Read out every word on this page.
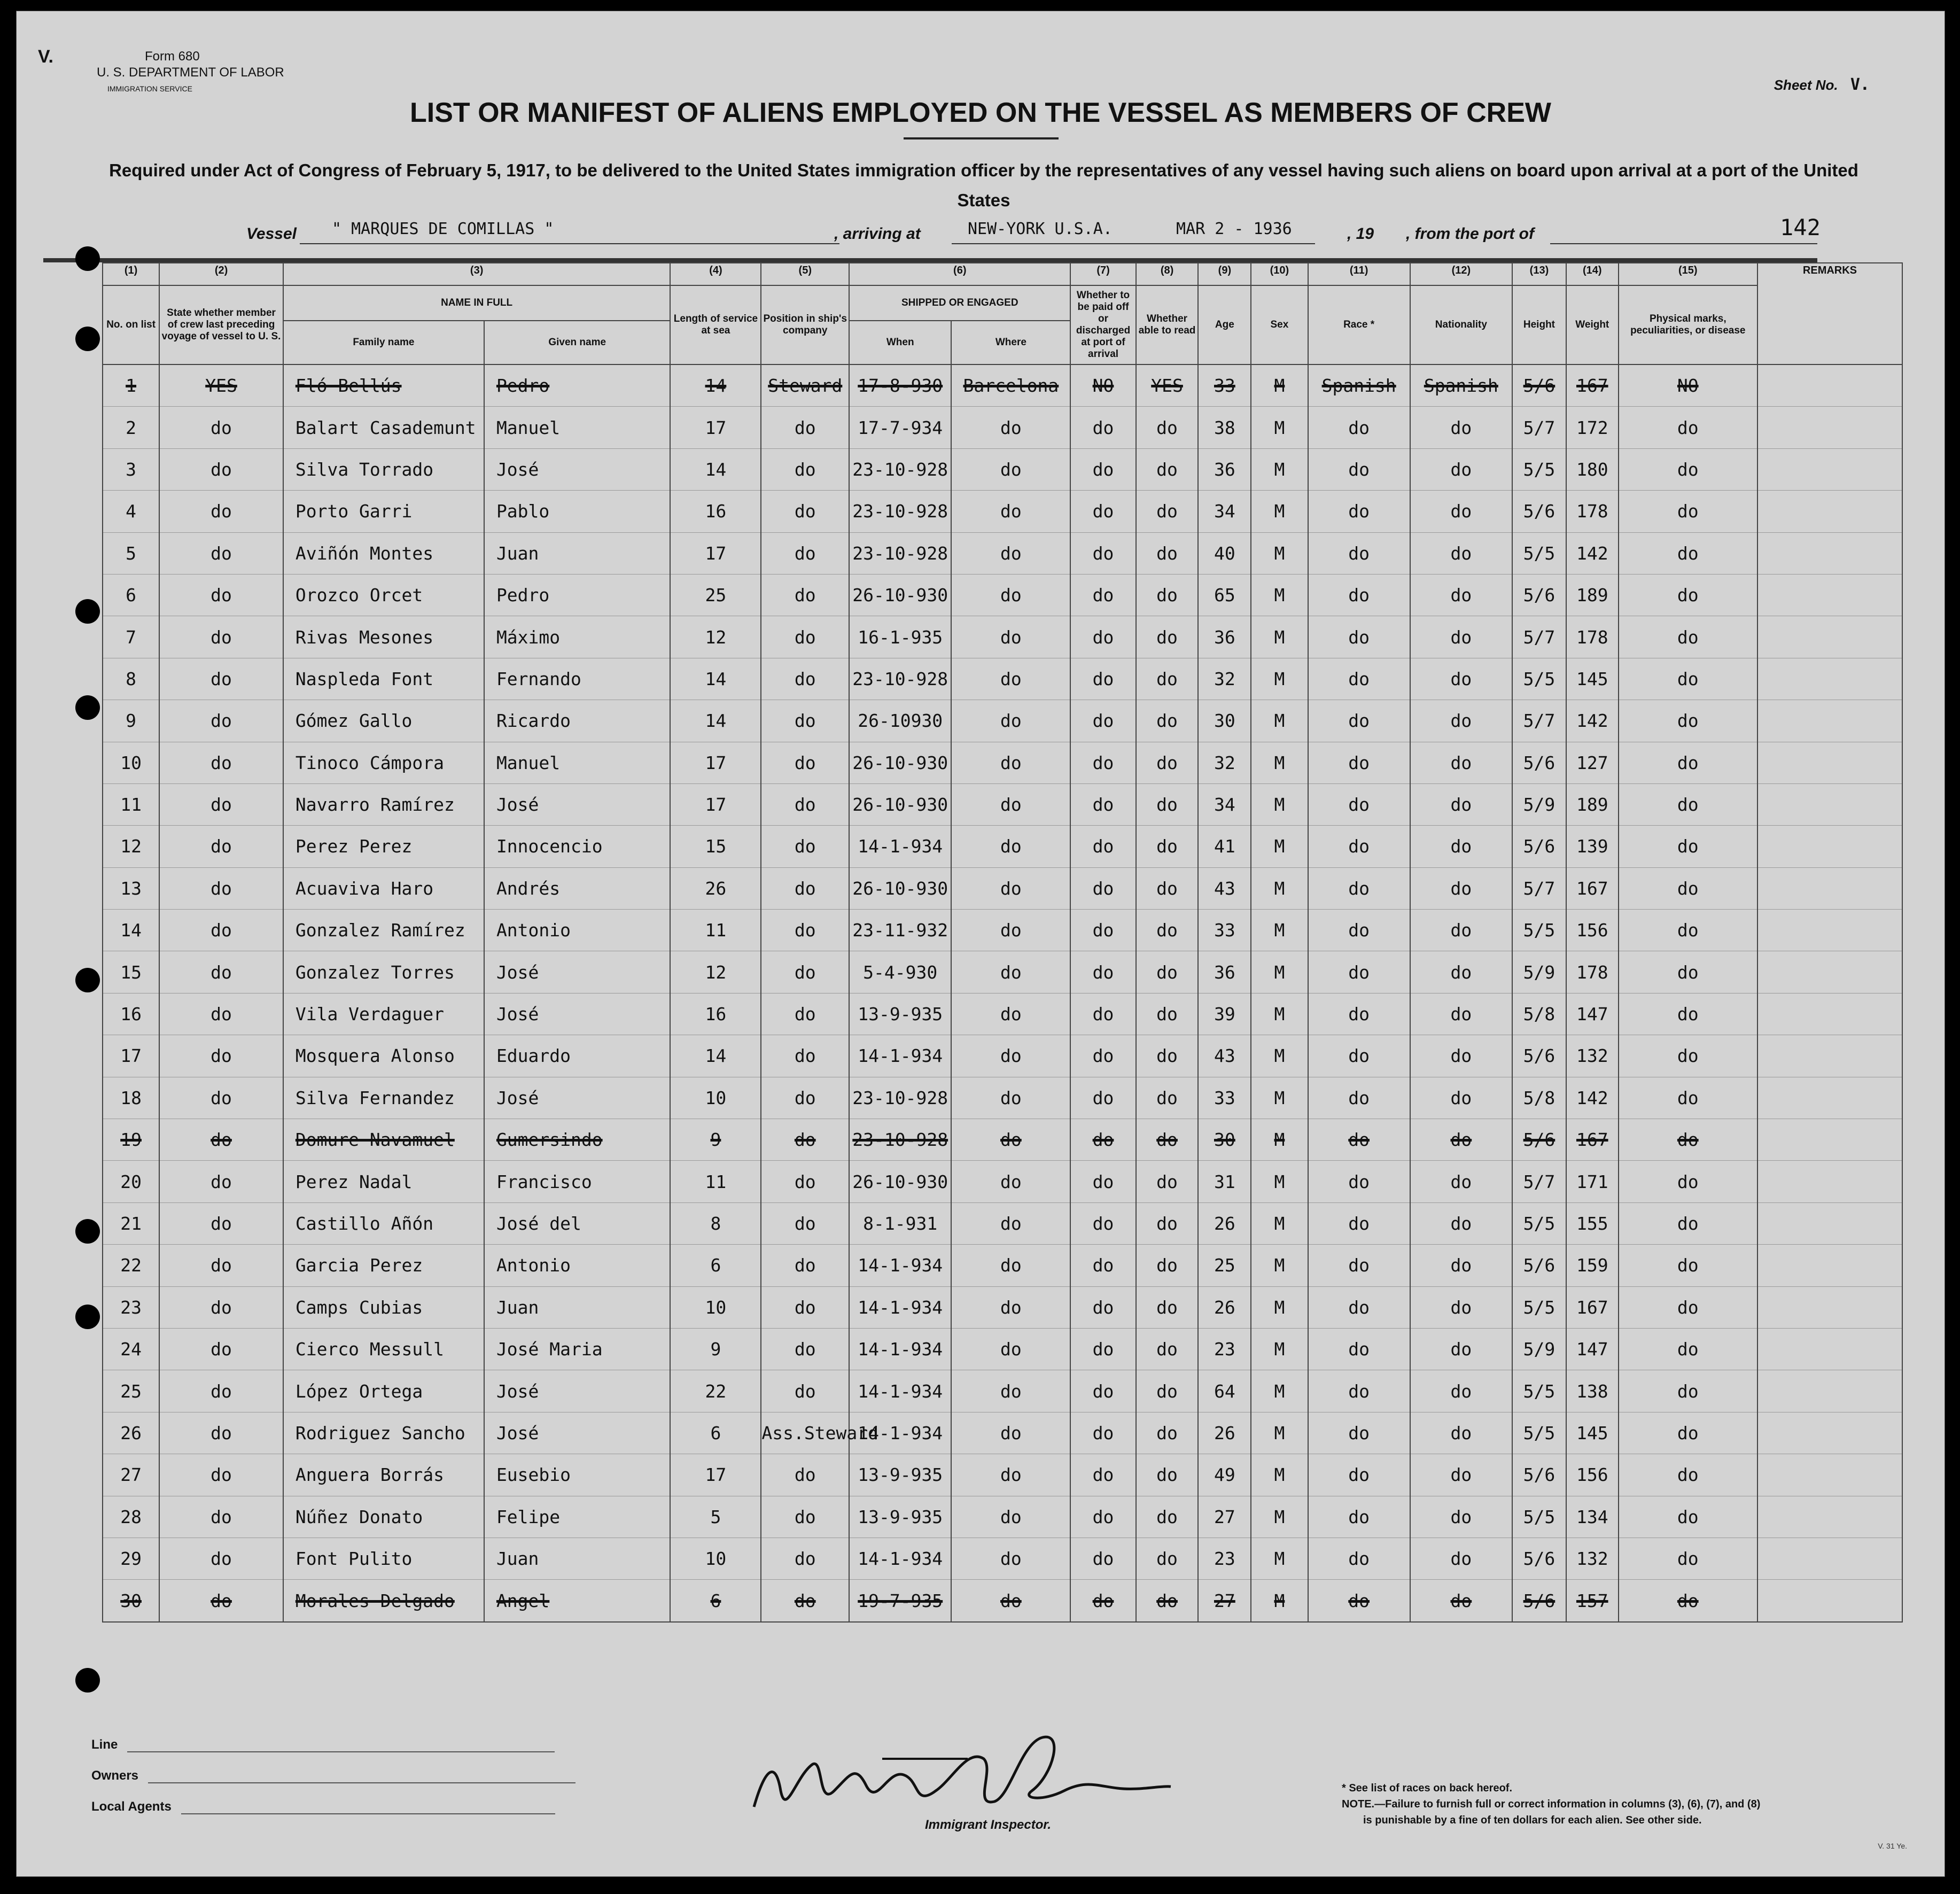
V.	Form 680
U. S. DEPARTMENT OF LABOR
IMMIGRATION SERVICE	Sheet No. V.
LIST OR MANIFEST OF ALIENS EMPLOYED ON THE VESSEL AS MEMBERS OF CREW
Required under Act of Congress of February 5, 1917, to be delivered to the United States immigration officer by the representatives of any vessel having such aliens on board upon arrival at a port of the United States
Vessel " MARQUES DE COMILLAS "	, arriving at	NEW-YORK U.S.A.	MAR 2 - 1936	, 19 , from the port of	142
(1)	(2)	(3)		(4)	(5)	(6)		(7)	(8)	(9)	(10)	(11)	(12)	(13)	(14)	(15)	REMARKS
No. on list	State whether member of crew last preceding voyage of vessel to U. S.	NAME IN FULL		Length of service at sea	Position in ship's company	SHIPPED OR ENGAGED		Whether to be paid off or discharged at port of arrival	Whether able to read	Age	Sex	Race *	Nationality	Height	Weight	Physical marks, peculiarities, or disease	
		Family name	Given name			When	Where										
1	YES	Fló Bellús	Pedro	14	Steward	17-8-930	Barcelona	NO	YES	33	M	Spanish	Spanish	5/6	167	NO	
2	do	Balart Casademunt	Manuel	17	do	17-7-934	do	do	do	38	M	do	do	5/7	172	do	
3	do	Silva Torrado	José	14	do	23-10-928	do	do	do	36	M	do	do	5/5	180	do	
4	do	Porto Garri	Pablo	16	do	23-10-928	do	do	do	34	M	do	do	5/6	178	do	
5	do	Aviñón Montes	Juan	17	do	23-10-928	do	do	do	40	M	do	do	5/5	142	do	
6	do	Orozco Orcet	Pedro	25	do	26-10-930	do	do	do	65	M	do	do	5/6	189	do	
7	do	Rivas Mesones	Máximo	12	do	16-1-935	do	do	do	36	M	do	do	5/7	178	do	
8	do	Naspleda Font	Fernando	14	do	23-10-928	do	do	do	32	M	do	do	5/5	145	do	
9	do	Gómez Gallo	Ricardo	14	do	26-10930	do	do	do	30	M	do	do	5/7	142	do	
10	do	Tinoco Cámpora	Manuel	17	do	26-10-930	do	do	do	32	M	do	do	5/6	127	do	
11	do	Navarro Ramírez	José	17	do	26-10-930	do	do	do	34	M	do	do	5/9	189	do	
12	do	Perez Perez	Innocencio	15	do	14-1-934	do	do	do	41	M	do	do	5/6	139	do	
13	do	Acuaviva Haro	Andrés	26	do	26-10-930	do	do	do	43	M	do	do	5/7	167	do	
14	do	Gonzalez Ramírez	Antonio	11	do	23-11-932	do	do	do	33	M	do	do	5/5	156	do	
15	do	Gonzalez Torres	José	12	do	5-4-930	do	do	do	36	M	do	do	5/9	178	do	
16	do	Vila Verdaguer	José	16	do	13-9-935	do	do	do	39	M	do	do	5/8	147	do	
17	do	Mosquera Alonso	Eduardo	14	do	14-1-934	do	do	do	43	M	do	do	5/6	132	do	
18	do	Silva Fernandez	José	10	do	23-10-928	do	do	do	33	M	do	do	5/8	142	do	
19	do	Domure Navamuel	Gumersindo	9	do	23-10-928	do	do	do	30	M	do	do	5/6	167	do	
20	do	Perez Nadal	Francisco	11	do	26-10-930	do	do	do	31	M	do	do	5/7	171	do	
21	do	Castillo Añón	José del	8	do	8-1-931	do	do	do	26	M	do	do	5/5	155	do	
22	do	Garcia Perez	Antonio	6	do	14-1-934	do	do	do	25	M	do	do	5/6	159	do	
23	do	Camps Cubias	Juan	10	do	14-1-934	do	do	do	26	M	do	do	5/5	167	do	
24	do	Cierco Messull	José Maria	9	do	14-1-934	do	do	do	23	M	do	do	5/9	147	do	
25	do	López Ortega	José	22	do	14-1-934	do	do	do	64	M	do	do	5/5	138	do	
26	do	Rodriguez Sancho	José	6	Ass.Steward	14-1-934	do	do	do	26	M	do	do	5/5	145	do	
27	do	Anguera Borrás	Eusebio	17	do	13-9-935	do	do	do	49	M	do	do	5/6	156	do	
28	do	Núñez Donato	Felipe	5	do	13-9-935	do	do	do	27	M	do	do	5/5	134	do	
29	do	Font Pulito	Juan	10	do	14-1-934	do	do	do	23	M	do	do	5/6	132	do	
30	do	Morales Delgado	Angel	6	do	19-7-935	do	do	do	27	M	do	do	5/6	157	do	
Line
Owners
Local Agents
Immigrant Inspector.
* See list of races on back hereof.
NOTE.—Failure to furnish full or correct information in columns (3), (6), (7), and (8)
is punishable by a fine of ten dollars for each alien. See other side.
V. 31 Ye.
